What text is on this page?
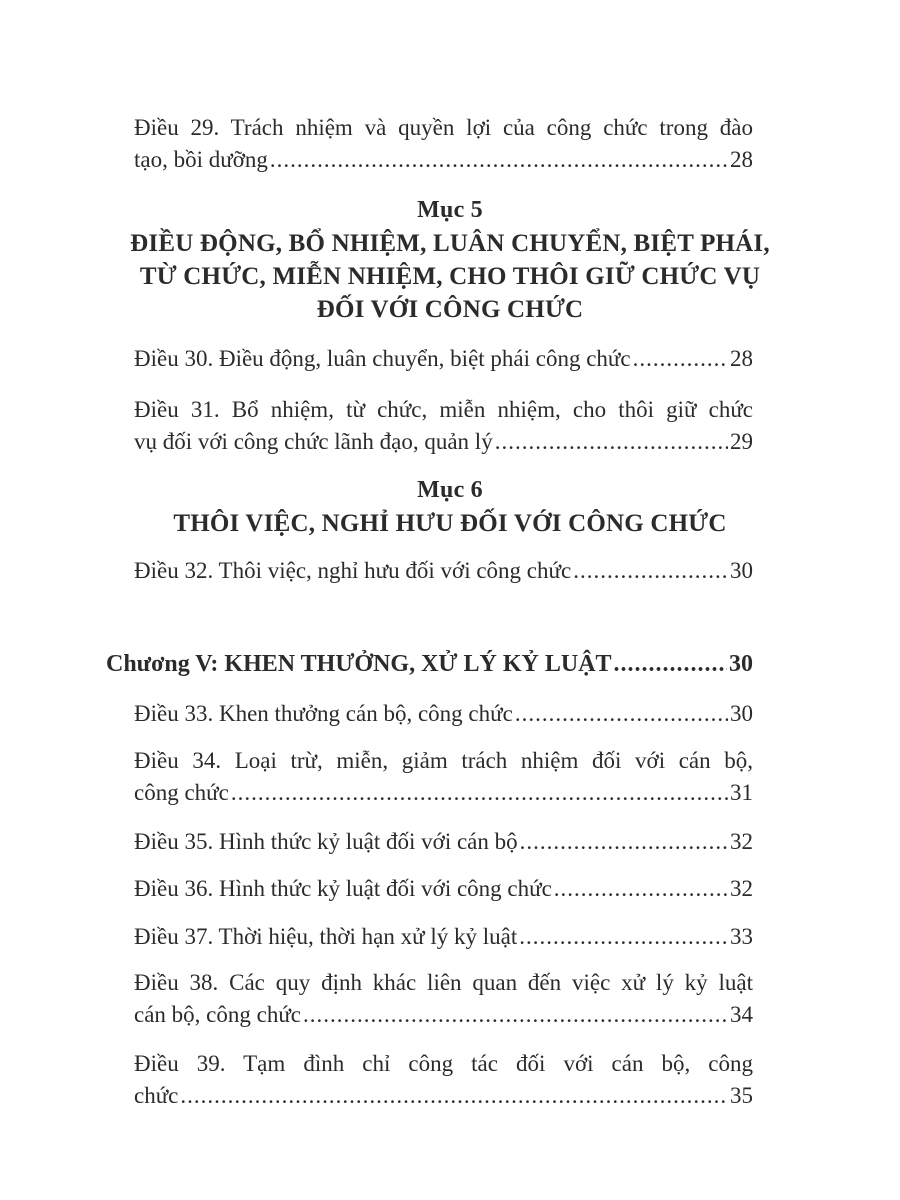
Điều 29. Trách nhiệm và quyền lợi của công chức trong đào
tạo, bồi dưỡng .....	28
Mục 5
ĐIỀU ĐỘNG, BỔ NHIỆM, LUÂN CHUYỂN, BIỆT PHÁI,
TỪ CHỨC, MIỄN NHIỆM, CHO THÔI GIỮ CHỨC VỤ
ĐỐI VỚI CÔNG CHỨC
Điều 30. Điều động, luân chuyển, biệt phái công chức .....	28
Điều 31. Bổ nhiệm, từ chức, miễn nhiệm, cho thôi giữ chức
vụ đối với công chức lãnh đạo, quản lý .....	29
Mục 6
THÔI VIỆC, NGHỈ HƯU ĐỐI VỚI CÔNG CHỨC
Điều 32. Thôi việc, nghỉ hưu đối với công chức .....	30
Chương V: KHEN THƯỞNG, XỬ LÝ KỶ LUẬT .....	30
Điều 33. Khen thưởng cán bộ, công chức .....	30
Điều 34. Loại trừ, miễn, giảm trách nhiệm đối với cán bộ,
công chức .....	31
Điều 35. Hình thức kỷ luật đối với cán bộ .....	32
Điều 36. Hình thức kỷ luật đối với công chức .....	32
Điều 37. Thời hiệu, thời hạn xử lý kỷ luật .....	33
Điều 38. Các quy định khác liên quan đến việc xử lý kỷ luật
cán bộ, công chức .....	34
Điều 39. Tạm đình chỉ công tác đối với cán bộ, công
chức .....	35
